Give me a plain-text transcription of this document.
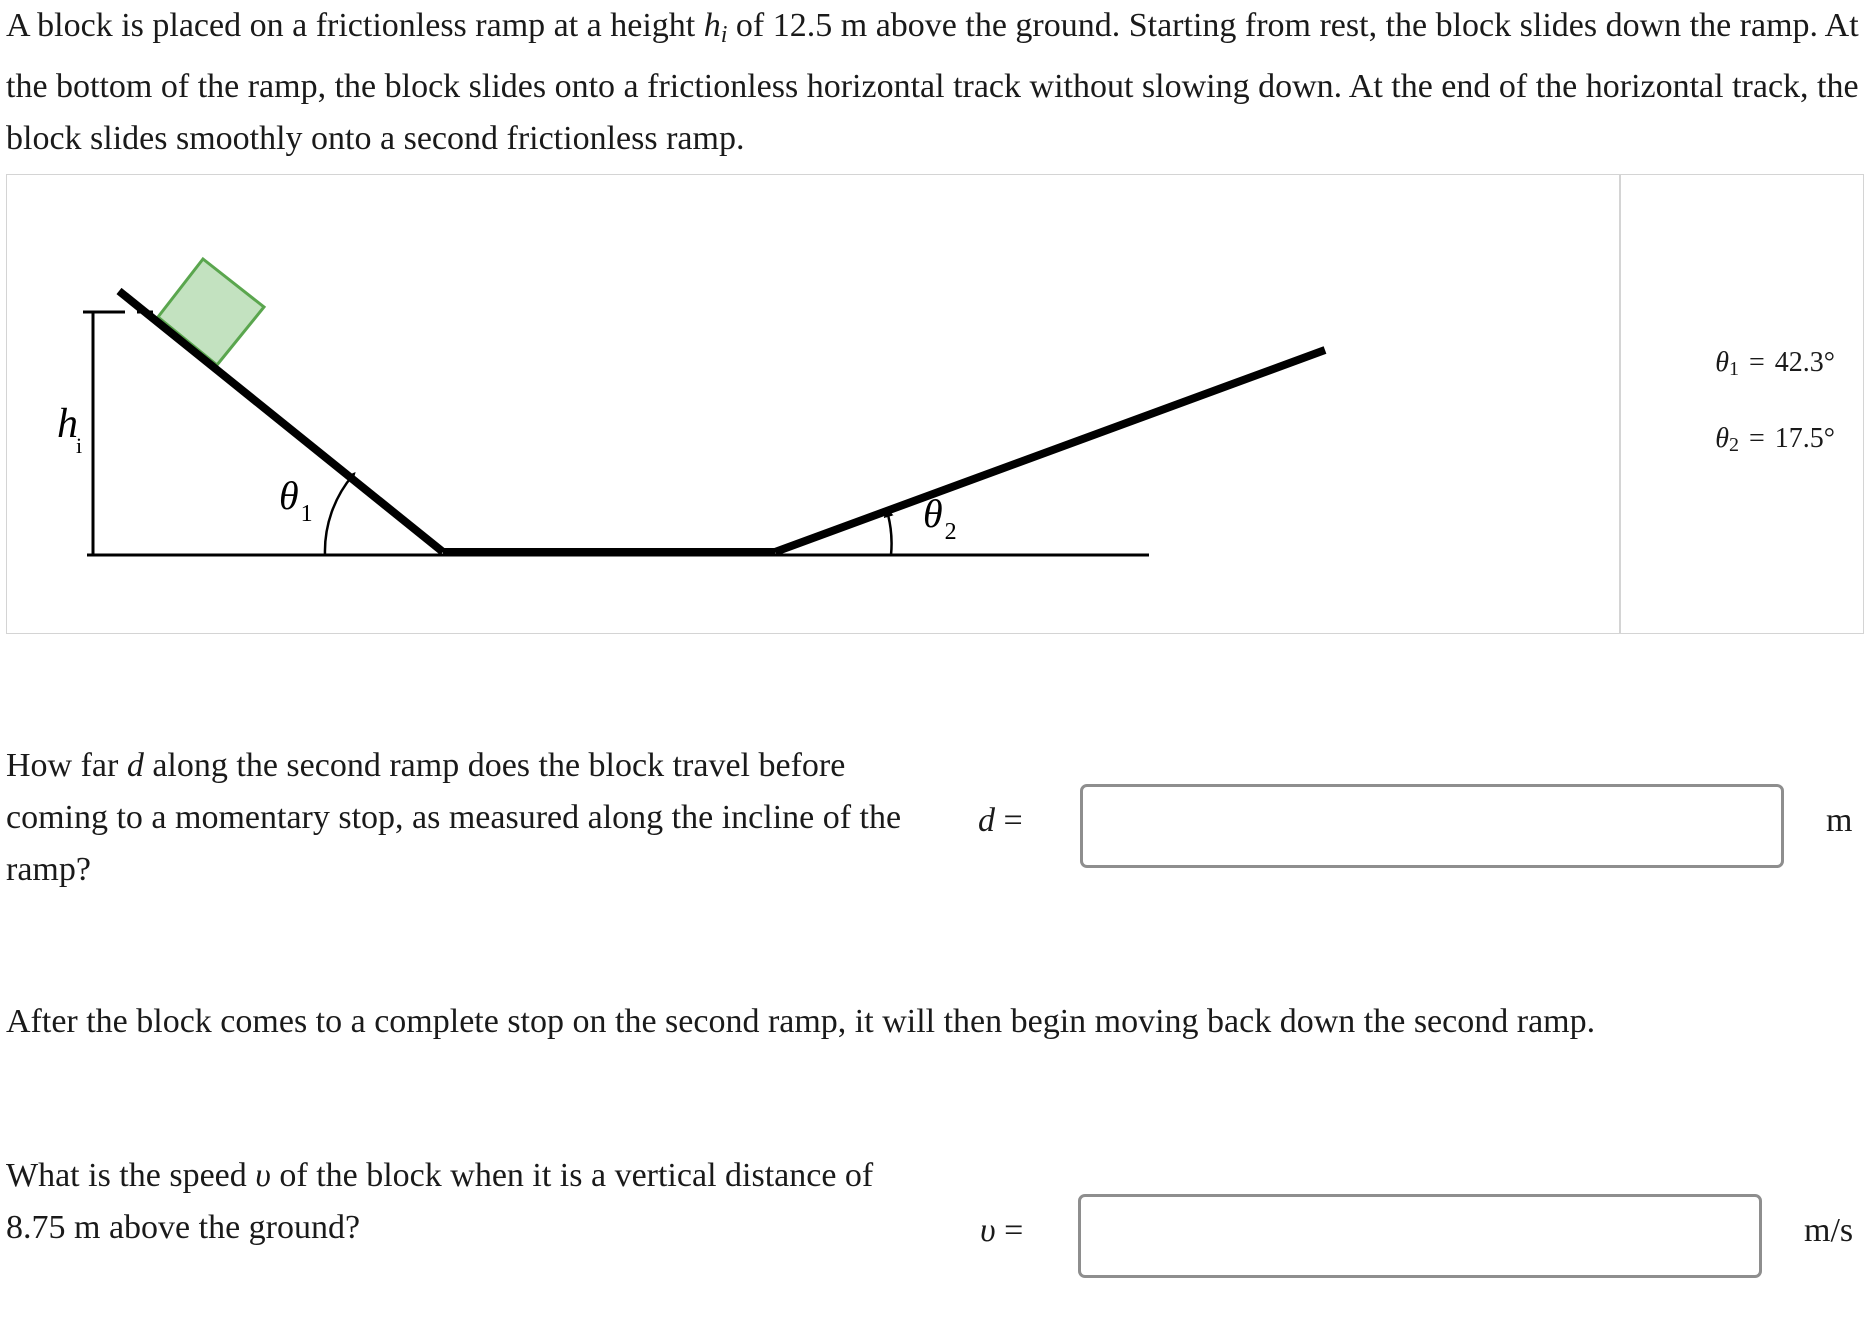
A block is placed on a frictionless ramp at a height hi of 12.5 m above the ground. Starting from rest, the block slides down the ramp. At the bottom of the ramp, the block slides onto a frictionless horizontal track without slowing down. At the end of the horizontal track, the block slides smoothly onto a second frictionless ramp.

hi
$\theta_1$	$\theta_2$
$\theta_1 = 42.3^\circ$
$\theta_2 = 17.5^\circ$

How far d along the second ramp does the block travel before coming to a momentary stop, as measured along the incline of the ramp?

d =	m

After the block comes to a complete stop on the second ramp, it will then begin moving back down the second ramp.

What is the speed υ of the block when it is a vertical distance of 8.75 m above the ground?	υ =	m/s
